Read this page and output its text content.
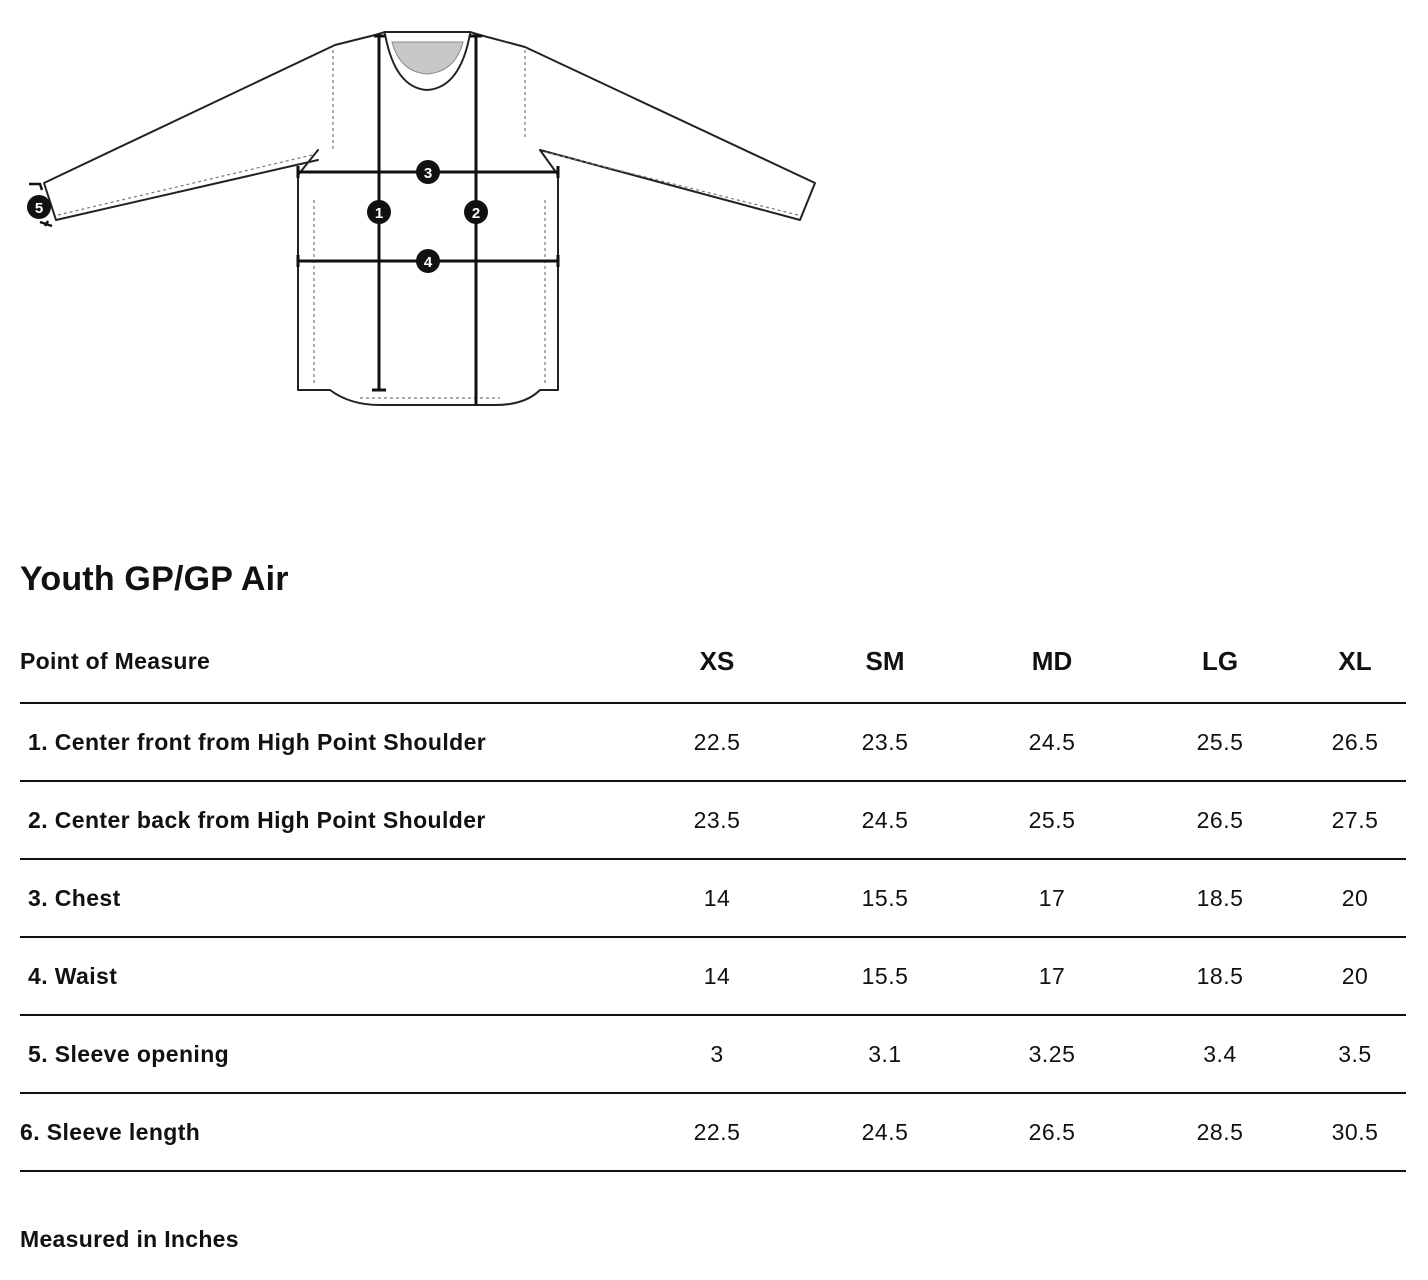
1	2
3
4
5
Youth GP/GP Air
Point of Measure	XS	SM	MD	LG	XL
1. Center front from High Point Shoulder	22.5	23.5	24.5	25.5	26.5
2. Center back from High Point Shoulder	23.5	24.5	25.5	26.5	27.5
3. Chest	14	15.5	17	18.5	20
4. Waist	14	15.5	17	18.5	20
5. Sleeve opening	3	3.1	3.25	3.4	3.5
6. Sleeve length	22.5	24.5	26.5	28.5	30.5

Measured in Inches
